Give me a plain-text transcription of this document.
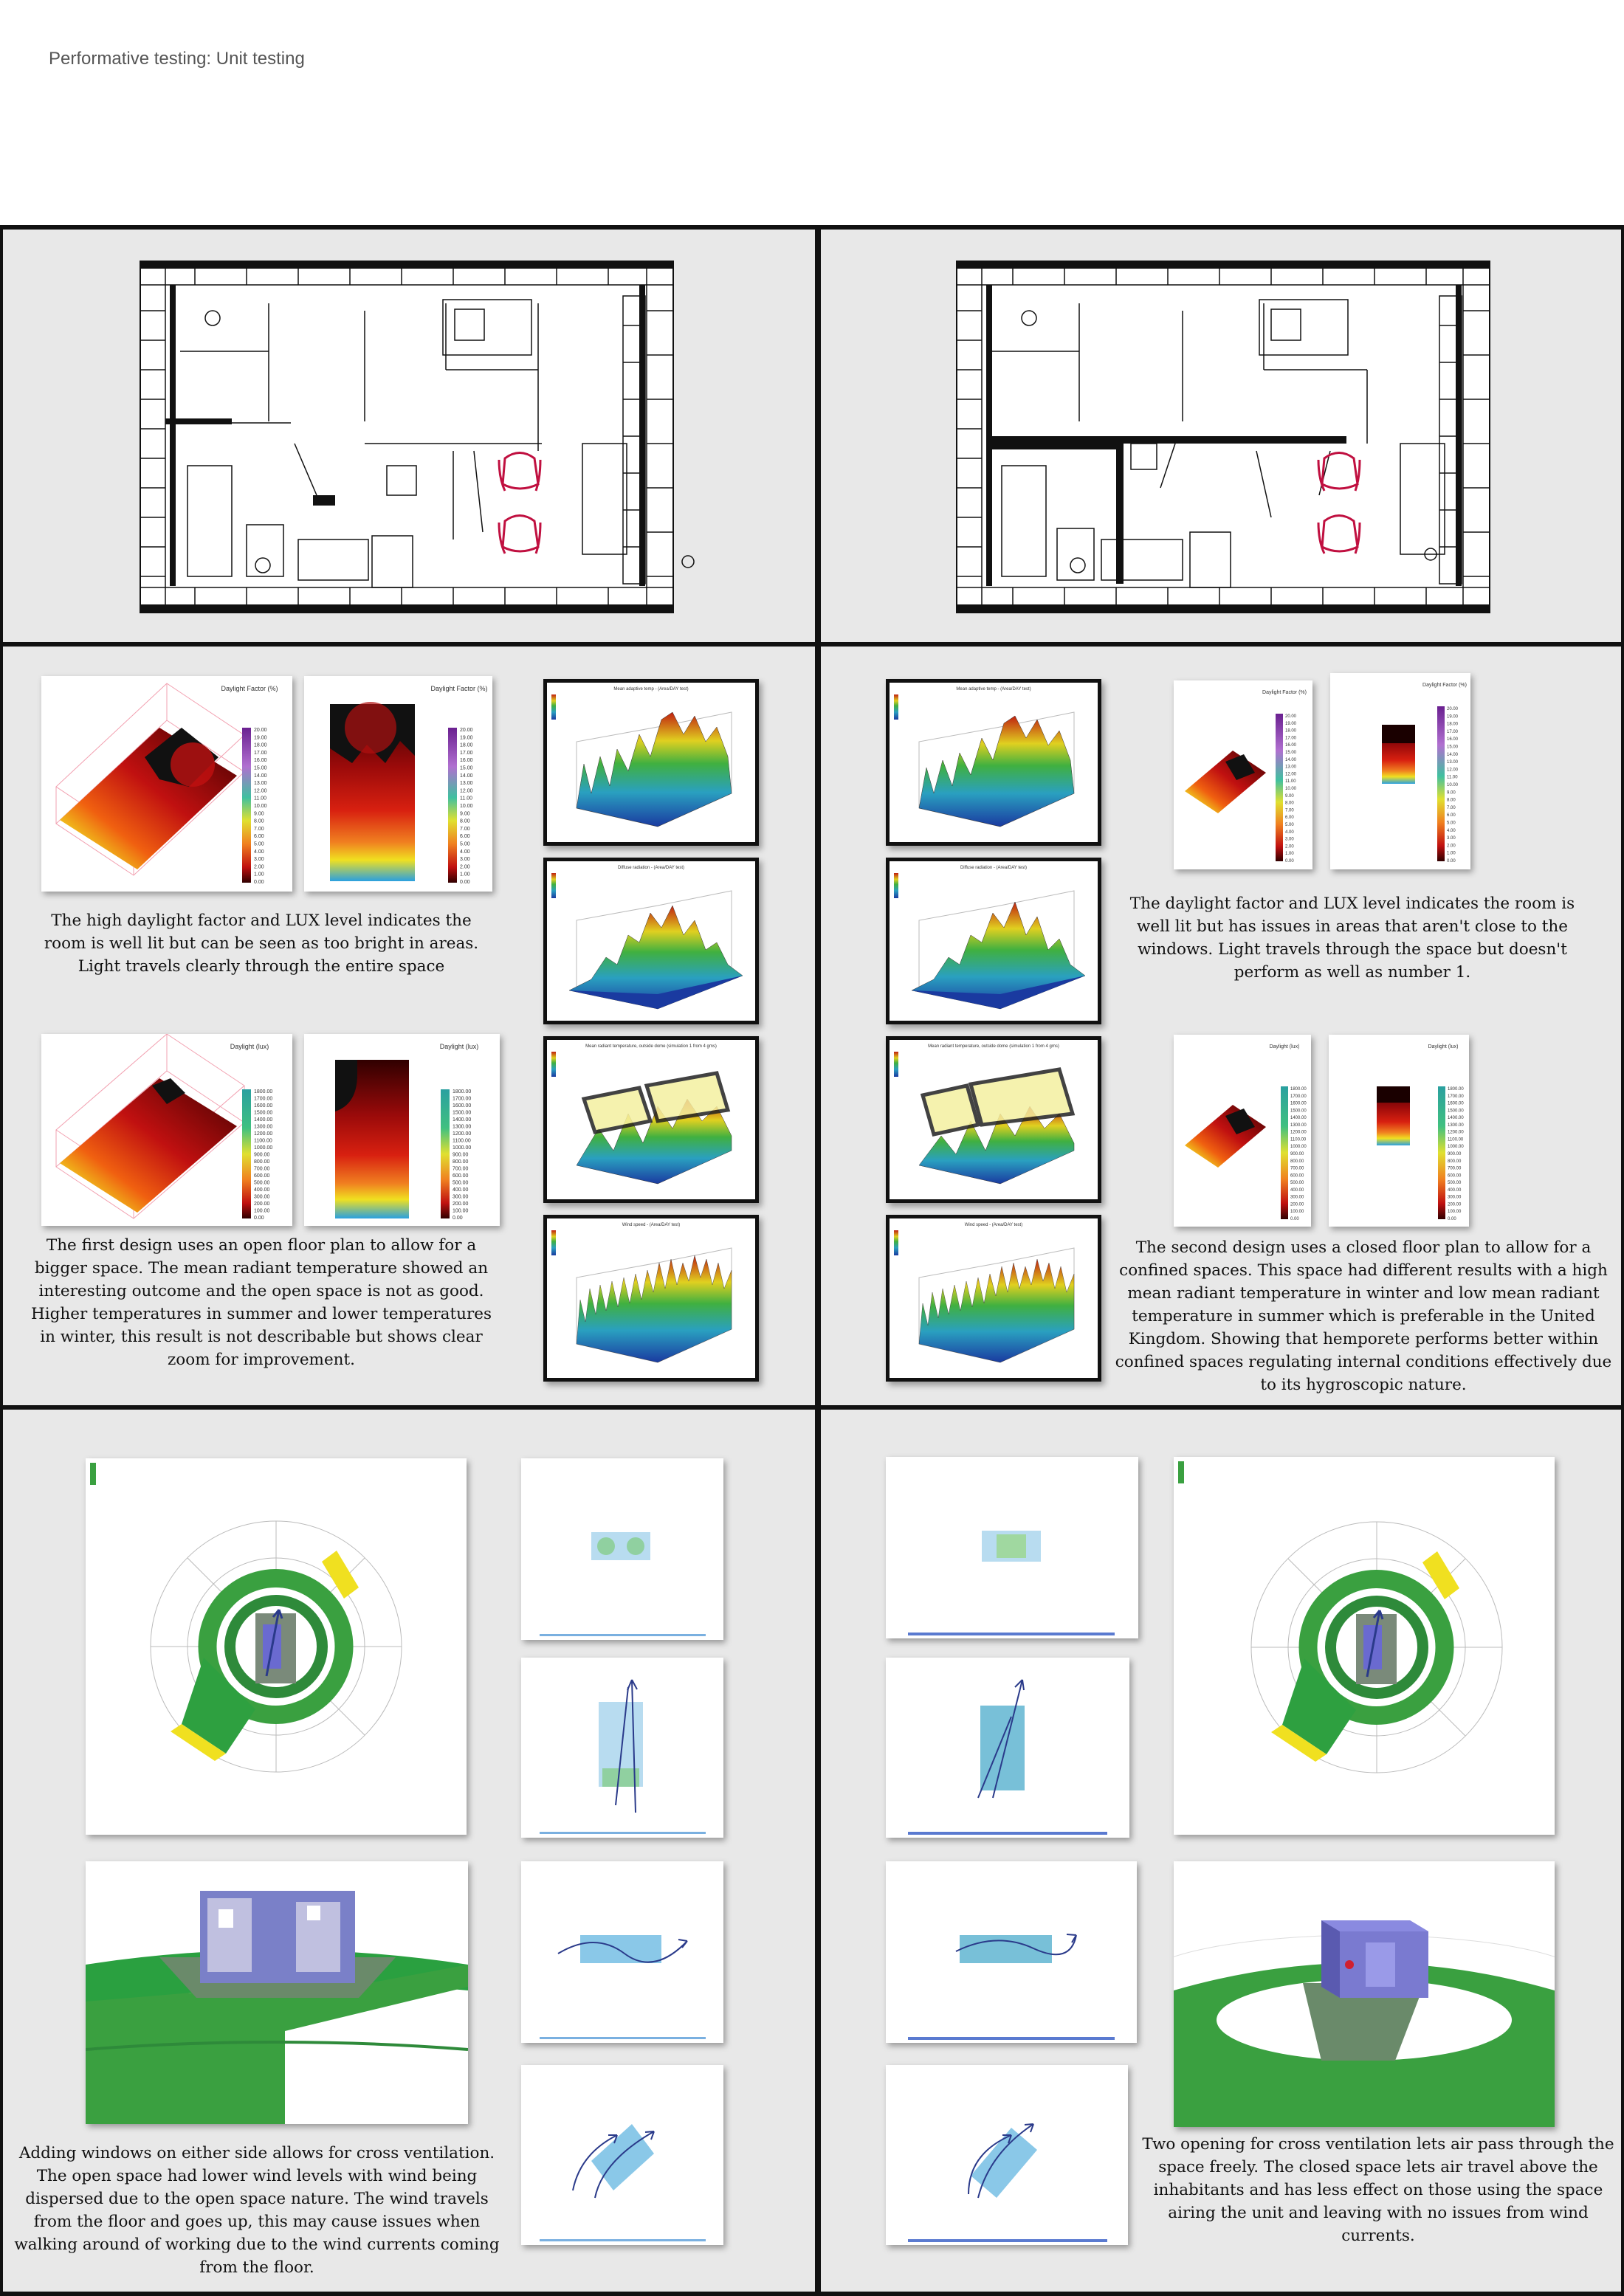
Performative testing: Unit testing
Daylight Factor (%)
20.00
19.00
18.00
17.00
16.00
15.00
14.00
13.00
12.00
11.00
10.00
9.00
8.00
7.00
6.00
5.00
4.00
3.00
2.00
1.00
0.00
Daylight Factor (%)
20.00
19.00
18.00
17.00
16.00
15.00
14.00
13.00
12.00
11.00
10.00
9.00
8.00
7.00
6.00
5.00
4.00
3.00
2.00
1.00
0.00
The high daylight factor and LUX level indicates the room is well lit but can be seen as too bright in areas. Light travels clearly through the entire space
Daylight (lux)
1800.00
1700.00
1600.00
1500.00
1400.00
1300.00
1200.00
1100.00
1000.00
900.00
800.00
700.00
600.00
500.00
400.00
300.00
200.00
100.00
0.00
Daylight (lux)
1800.00
1700.00
1600.00
1500.00
1400.00
1300.00
1200.00
1100.00
1000.00
900.00
800.00
700.00
600.00
500.00
400.00
300.00
200.00
100.00
0.00
The first design uses an open floor plan to allow for a bigger space. The mean radiant temperature showed an interesting outcome and the open space is not as good. Higher temperatures in summer and lower temperatures in winter, this result is not describable but shows clear zoom for improvement.
Mean adaptive temp - (Area/DAY test)
Diffuse radiation - (Area/DAY test)
Mean radiant temperature, outside dome (simulation 1 from 4 gms)
Wind speed - (Area/DAY test)
Mean adaptive temp - (Area/DAY test)
Diffuse radiation - (Area/DAY test)
Mean radiant temperature, outside dome (simulation 1 from 4 gms)
Wind speed - (Area/DAY test)
Daylight Factor (%)
20.00
19.00
18.00
17.00
16.00
15.00
14.00
13.00
12.00
11.00
10.00
9.00
8.00
7.00
6.00
5.00
4.00
3.00
2.00
1.00
0.00
Daylight Factor (%)
20.00
19.00
18.00
17.00
16.00
15.00
14.00
13.00
12.00
11.00
10.00
9.00
8.00
7.00
6.00
5.00
4.00
3.00
2.00
1.00
0.00
The daylight factor and LUX level indicates the room is well lit but has issues in areas that aren't close to the windows. Light travels through the space but doesn't perform as well as number 1.
Daylight (lux)
1800.00
1700.00
1600.00
1500.00
1400.00
1300.00
1200.00
1100.00
1000.00
900.00
800.00
700.00
600.00
500.00
400.00
300.00
200.00
100.00
0.00
Daylight (lux)
1800.00
1700.00
1600.00
1500.00
1400.00
1300.00
1200.00
1100.00
1000.00
900.00
800.00
700.00
600.00
500.00
400.00
300.00
200.00
100.00
0.00
The second design uses a closed floor plan to allow for a confined spaces. This space had different results with a high mean radiant temperature in winter and low mean radiant temperature in summer which is preferable in the United Kingdom. Showing that hemporete performs better within confined spaces regulating internal conditions effectively due to its hygroscopic nature.
Adding windows on either side allows for cross ventilation. The open space had lower wind levels with wind being dispersed due to the open space nature. The wind travels from the floor and goes up, this may cause issues when walking around of working due to the wind currents coming from the floor.
Two opening for cross ventilation lets air pass through the space freely. The closed space lets air travel above the inhabitants and has less effect on those using the space airing the unit and leaving with no issues from wind currents.
